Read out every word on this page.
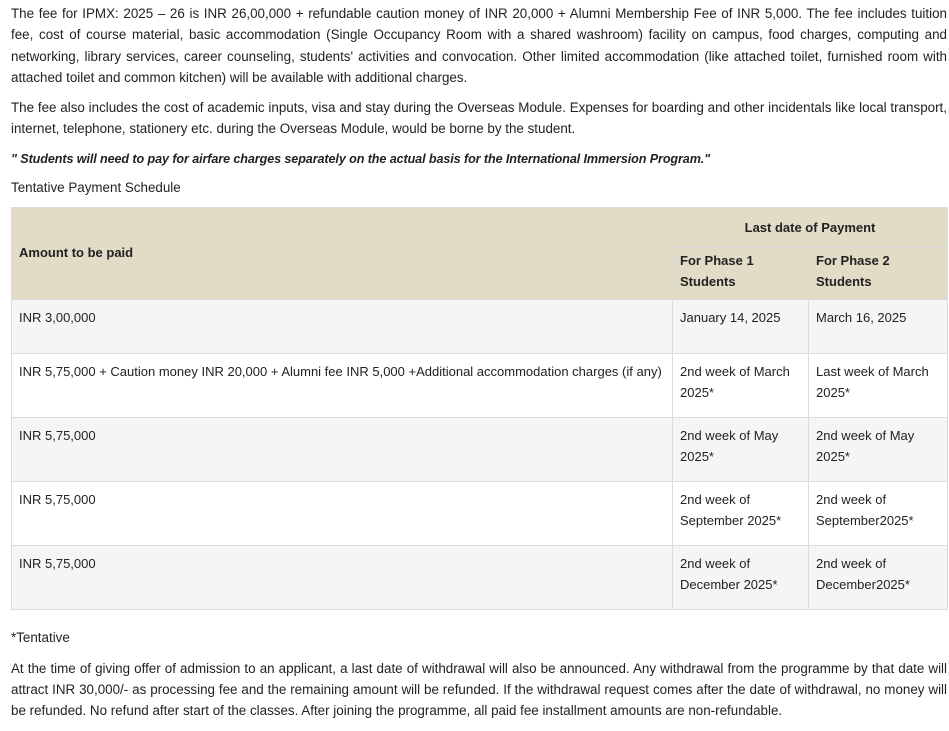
The fee for IPMX: 2025 – 26 is INR 26,00,000 + refundable caution money of INR 20,000 + Alumni Membership Fee of INR 5,000. The fee includes tuition fee, cost of course material, basic accommodation (Single Occupancy Room with a shared washroom) facility on campus, food charges, computing and networking, library services, career counseling, students' activities and convocation. Other limited accommodation (like attached toilet, furnished room with attached toilet and common kitchen) will be available with additional charges.

The fee also includes the cost of academic inputs, visa and stay during the Overseas Module. Expenses for boarding and other incidentals like local transport, internet, telephone, stationery etc. during the Overseas Module, would be borne by the student.

" Students will need to pay for airfare charges separately on the actual basis for the International Immersion Program."

Tentative Payment Schedule

Amount to be paid	Last date of Payment	
	For Phase 1 Students	For Phase 2 Students
INR 3,00,000	January 14, 2025	March 16, 2025
INR 5,75,000 + Caution money INR 20,000 + Alumni fee INR 5,000 +Additional accommodation charges (if any)	2nd week of March 2025*	Last week of March 2025*
INR 5,75,000	2nd week of May 2025*	2nd week of May 2025*
INR 5,75,000	2nd week of September 2025*	2nd week of September2025*
INR 5,75,000	2nd week of December 2025*	2nd week of December2025*

*Tentative

At the time of giving offer of admission to an applicant, a last date of withdrawal will also be announced. Any withdrawal from the programme by that date will attract INR 30,000/- as processing fee and the remaining amount will be refunded. If the withdrawal request comes after the date of withdrawal, no money will be refunded. No refund after start of the classes. After joining the programme, all paid fee installment amounts are non-refundable.
